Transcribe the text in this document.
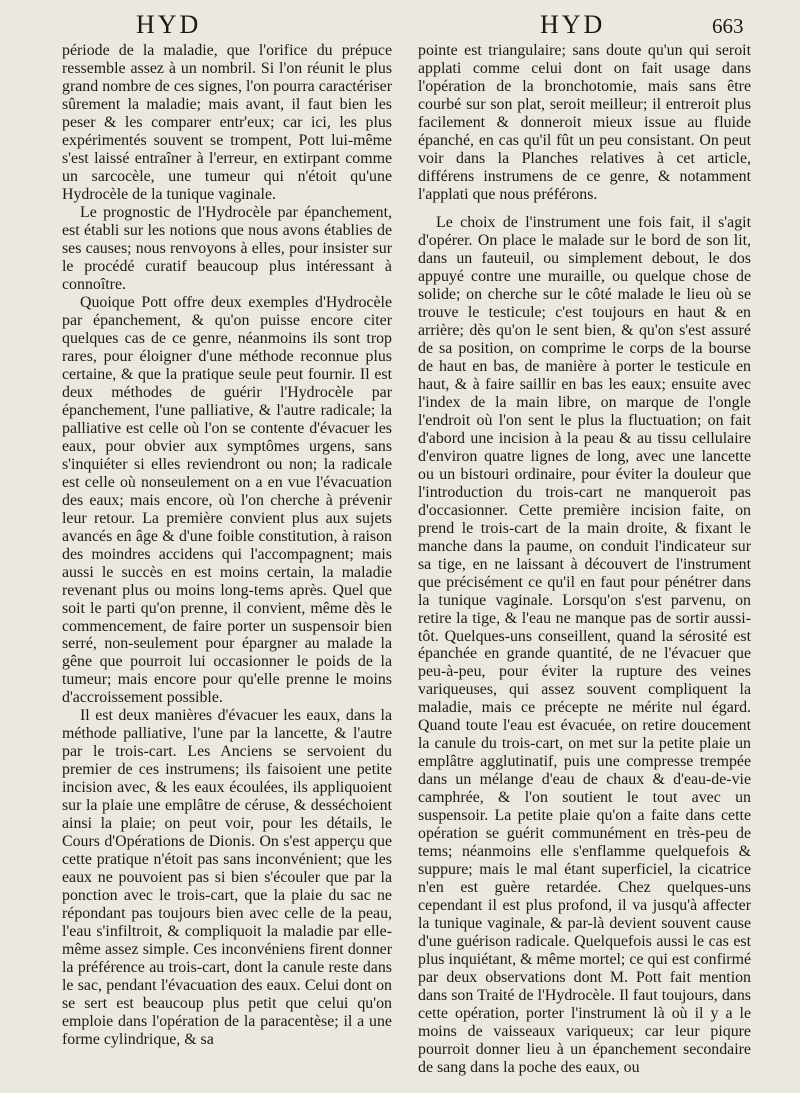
HYD	HYD	663

période de la maladie, que l'orifice du prépuce ressemble assez à un nombril. Si l'on réunit le plus grand nombre de ces signes, l'on pourra caractériser sûrement la maladie; mais avant, il faut bien les peser & les comparer entr'eux; car ici, les plus expérimentés souvent se trompent, Pott lui-même s'est laissé entraîner à l'erreur, en extirpant comme un sarcocèle, une tumeur qui n'étoit qu'une Hydrocèle de la tunique vaginale.

Le prognostic de l'Hydrocèle par épanchement, est établi sur les notions que nous avons établies de ses causes; nous renvoyons à elles, pour insister sur le procédé curatif beaucoup plus intéressant à connoître.

Quoique Pott offre deux exemples d'Hydrocèle par épanchement, & qu'on puisse encore citer quelques cas de ce genre, néanmoins ils sont trop rares, pour éloigner d'une méthode reconnue plus certaine, & que la pratique seule peut fournir. Il est deux méthodes de guérir l'Hydrocèle par épanchement, l'une palliative, & l'autre radicale; la palliative est celle où l'on se contente d'évacuer les eaux, pour obvier aux symptômes urgens, sans s'inquiéter si elles reviendront ou non; la radicale est celle où nonseulement on a en vue l'évacuation des eaux; mais encore, où l'on cherche à prévenir leur retour. La première convient plus aux sujets avancés en âge & d'une foible constitution, à raison des moindres accidens qui l'accompagnent; mais aussi le succès en est moins certain, la maladie revenant plus ou moins long-tems après. Quel que soit le parti qu'on prenne, il convient, même dès le commencement, de faire porter un suspensoir bien serré, non-seulement pour épargner au malade la gêne que pourroit lui occasionner le poids de la tumeur; mais encore pour qu'elle prenne le moins d'accroissement possible.

Il est deux manières d'évacuer les eaux, dans la méthode palliative, l'une par la lancette, & l'autre par le trois-cart. Les Anciens se servoient du premier de ces instrumens; ils faisoient une petite incision avec, & les eaux écoulées, ils appliquoient sur la plaie une emplâtre de céruse, & desséchoient ainsi la plaie; on peut voir, pour les détails, le Cours d'Opérations de Dionis. On s'est apperçu que cette pratique n'étoit pas sans inconvénient; que les eaux ne pouvoient pas si bien s'écouler que par la ponction avec le trois-cart, que la plaie du sac ne répondant pas toujours bien avec celle de la peau, l'eau s'infiltroit, & compliquoit la maladie par elle-même assez simple. Ces inconvéniens firent donner la préférence au trois-cart, dont la canule reste dans le sac, pendant l'évacuation des eaux. Celui dont on se sert est beaucoup plus petit que celui qu'on emploie dans l'opération de la paracentèse; il a une forme cylindrique, & sa

pointe est triangulaire; sans doute qu'un qui seroit applati comme celui dont on fait usage dans l'opération de la bronchotomie, mais sans être courbé sur son plat, seroit meilleur; il entreroit plus facilement & donneroit mieux issue au fluide épanché, en cas qu'il fût un peu consistant. On peut voir dans la Planches relatives à cet article, différens instrumens de ce genre, & notamment l'applati que nous préférons.

Le choix de l'instrument une fois fait, il s'agit d'opérer. On place le malade sur le bord de son lit, dans un fauteuil, ou simplement debout, le dos appuyé contre une muraille, ou quelque chose de solide; on cherche sur le côté malade le lieu où se trouve le testicule; c'est toujours en haut & en arrière; dès qu'on le sent bien, & qu'on s'est assuré de sa position, on comprime le corps de la bourse de haut en bas, de manière à porter le testicule en haut, & à faire saillir en bas les eaux; ensuite avec l'index de la main libre, on marque de l'ongle l'endroit où l'on sent le plus la fluctuation; on fait d'abord une incision à la peau & au tissu cellulaire d'environ quatre lignes de long, avec une lancette ou un bistouri ordinaire, pour éviter la douleur que l'introduction du trois-cart ne manqueroit pas d'occasionner. Cette première incision faite, on prend le trois-cart de la main droite, & fixant le manche dans la paume, on conduit l'indicateur sur sa tige, en ne laissant à découvert de l'instrument que précisément ce qu'il en faut pour pénétrer dans la tunique vaginale. Lorsqu'on s'est parvenu, on retire la tige, & l'eau ne manque pas de sortir aussi-tôt. Quelques-uns conseillent, quand la sérosité est épanchée en grande quantité, de ne l'évacuer que peu-à-peu, pour éviter la rupture des veines variqueuses, qui assez souvent compliquent la maladie, mais ce précepte ne mérite nul égard. Quand toute l'eau est évacuée, on retire doucement la canule du trois-cart, on met sur la petite plaie un emplâtre agglutinatif, puis une compresse trempée dans un mélange d'eau de chaux & d'eau-de-vie camphrée, & l'on soutient le tout avec un suspensoir. La petite plaie qu'on a faite dans cette opération se guérit communément en très-peu de tems; néanmoins elle s'enflamme quelquefois & suppure; mais le mal étant superficiel, la cicatrice n'en est guère retardée. Chez quelques-uns cependant il est plus profond, il va jusqu'à affecter la tunique vaginale, & par-là devient souvent cause d'une guérison radicale. Quelquefois aussi le cas est plus inquiétant, & même mortel; ce qui est confirmé par deux observations dont M. Pott fait mention dans son Traité de l'Hydrocèle. Il faut toujours, dans cette opération, porter l'instrument là où il y a le moins de vaisseaux variqueux; car leur piqure pourroit donner lieu à un épanchement secondaire de sang dans la poche des eaux, ou
